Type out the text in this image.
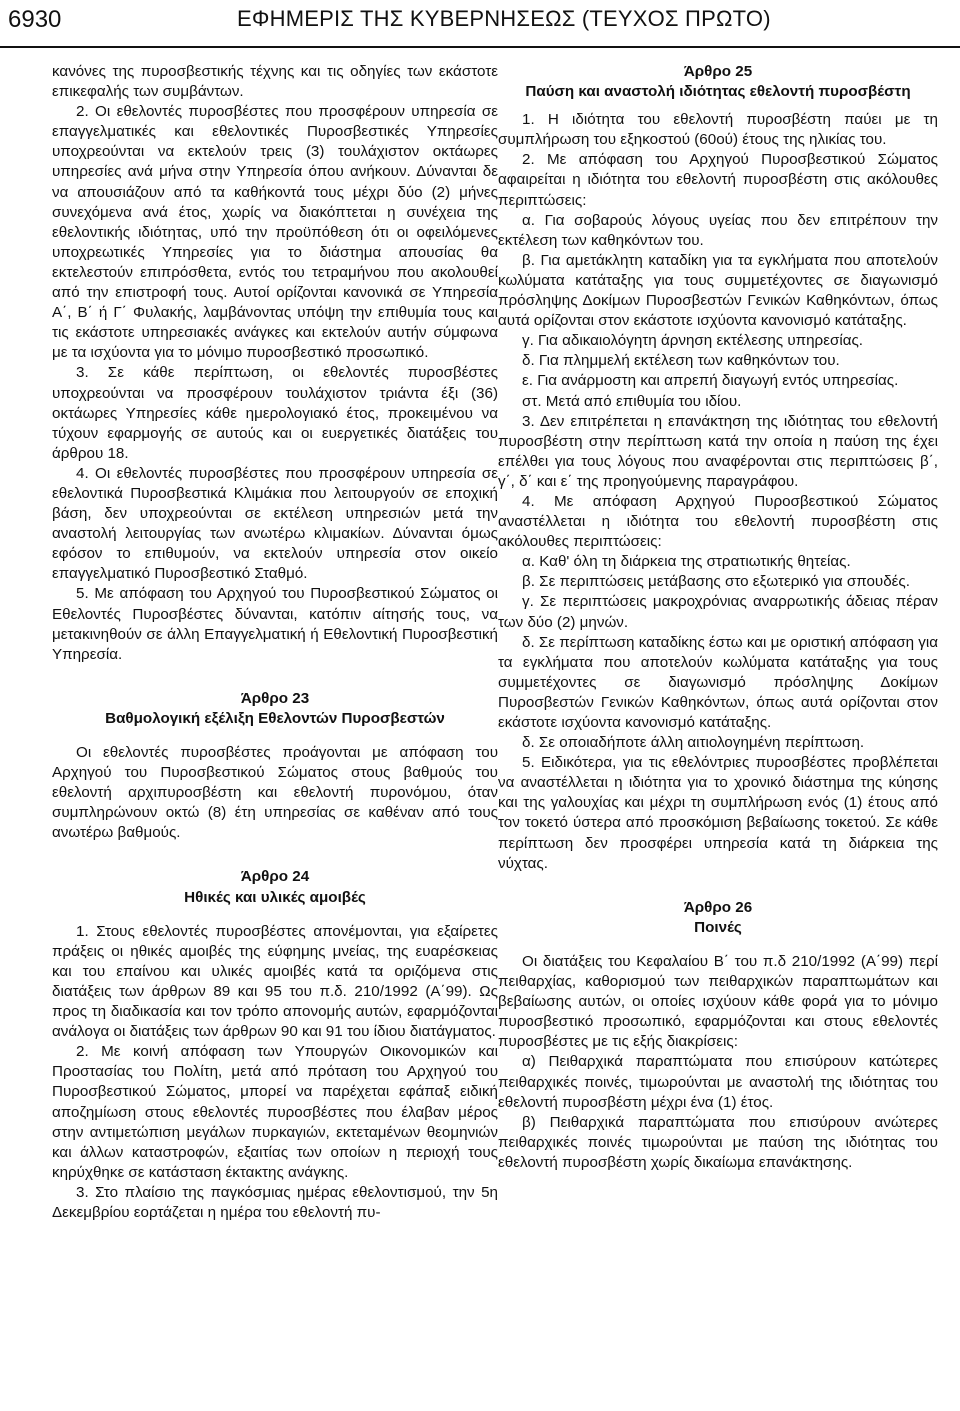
6930	ΕΦΗΜΕΡΙΣ ΤΗΣ ΚΥΒΕΡΝΗΣΕΩΣ (ΤΕΥΧΟΣ ΠΡΩΤΟ)

κανόνες της πυροσβεστικής τέχνης και τις οδηγίες των εκάστοτε επικεφαλής των συμβάντων.

2. Οι εθελοντές πυροσβέστες που προσφέρουν υπηρεσία σε επαγγελματικές και εθελοντικές Πυροσβεστικές Υπηρεσίες υποχρεούνται να εκτελούν τρεις (3) τουλάχιστον οκτάωρες υπηρεσίες ανά μήνα στην Υπηρεσία όπου ανήκουν. Δύνανται δε να απουσιάζουν από τα καθήκοντά τους μέχρι δύο (2) μήνες συνεχόμενα ανά έτος, χωρίς να διακόπτεται η συνέχεια της εθελοντικής ιδιότητας, υπό την προϋπόθεση ότι οι οφειλόμενες υποχρεωτικές Υπηρεσίες για το διάστημα απουσίας θα εκτελεστούν επιπρόσθετα, εντός του τετραμήνου που ακολουθεί από την επιστροφή τους. Αυτοί ορίζονται κανονικά σε Υπηρεσία Α΄, Β΄ ή Γ΄ Φυλακής, λαμβάνοντας υπόψη την επιθυμία τους και τις εκάστοτε υπηρεσιακές ανάγκες και εκτελούν αυτήν σύμφωνα με τα ισχύοντα για το μόνιμο πυροσβεστικό προσωπικό.

3. Σε κάθε περίπτωση, οι εθελοντές πυροσβέστες υποχρεούνται να προσφέρουν τουλάχιστον τριάντα έξι (36) οκτάωρες Υπηρεσίες κάθε ημερολογιακό έτος, προκειμένου να τύχουν εφαρμογής σε αυτούς και οι ευεργετικές διατάξεις του άρθρου 18.

4. Οι εθελοντές πυροσβέστες που προσφέρουν υπηρεσία σε εθελοντικά Πυροσβεστικά Κλιμάκια που λειτουργούν σε εποχική βάση, δεν υποχρεούνται σε εκτέλεση υπηρεσιών μετά την αναστολή λειτουργίας των ανωτέρω κλιμακίων. Δύνανται όμως εφόσον το επιθυμούν, να εκτελούν υπηρεσία στον οικείο επαγγελματικό Πυροσβεστικό Σταθμό.

5. Με απόφαση του Αρχηγού του Πυροσβεστικού Σώματος οι Εθελοντές Πυροσβέστες δύνανται, κατόπιν αίτησής τους, να μετακινηθούν σε άλλη Επαγγελματική ή Εθελοντική Πυροσβεστική Υπηρεσία.

Άρθρο 23

Βαθμολογική εξέλιξη Εθελοντών Πυροσβεστών

Οι εθελοντές πυροσβέστες προάγονται με απόφαση του Αρχηγού του Πυροσβεστικού Σώματος στους βαθμούς του εθελοντή αρχιπυροσβέστη και εθελοντή πυρονόμου, όταν συμπληρώνουν οκτώ (8) έτη υπηρεσίας σε καθέναν από τους ανωτέρω βαθμούς.

Άρθρο 24

Ηθικές και υλικές αμοιβές

1. Στους εθελοντές πυροσβέστες απονέμονται, για εξαίρετες πράξεις οι ηθικές αμοιβές της εύφημης μνείας, της ευαρέσκειας και του επαίνου και υλικές αμοιβές κατά τα οριζόμενα στις διατάξεις των άρθρων 89 και 95 του π.δ. 210/1992 (Α΄99). Ως προς τη διαδικασία και τον τρόπο απονομής αυτών, εφαρμόζονται ανάλογα οι διατάξεις των άρθρων 90 και 91 του ίδιου διατάγματος.

2. Με κοινή απόφαση των Υπουργών Οικονομικών και Προστασίας του Πολίτη, μετά από πρόταση του Αρχηγού του Πυροσβεστικού Σώματος, μπορεί να παρέχεται εφάπαξ ειδική αποζημίωση στους εθελοντές πυροσβέστες που έλαβαν μέρος στην αντιμετώπιση μεγάλων πυρκαγιών, εκτεταμένων θεομηνιών και άλλων καταστροφών, εξαιτίας των οποίων η περιοχή τους κηρύχθηκε σε κατάσταση έκτακτης ανάγκης.

3. Στο πλαίσιο της παγκόσμιας ημέρας εθελοντισμού, την 5η Δεκεμβρίου εορτάζεται η ημέρα του εθελοντή πυ-

Άρθρο 25

Παύση και αναστολή ιδιότητας εθελοντή πυροσβέστη

1. Η ιδιότητα του εθελοντή πυροσβέστη παύει με τη συμπλήρωση του εξηκοστού (60ού) έτους της ηλικίας του.

2. Με απόφαση του Αρχηγού Πυροσβεστικού Σώματος αφαιρείται η ιδιότητα του εθελοντή πυροσβέστη στις ακόλουθες περιπτώσεις:

α. Για σοβαρούς λόγους υγείας που δεν επιτρέπουν την εκτέλεση των καθηκόντων του.

β. Για αμετάκλητη καταδίκη για τα εγκλήματα που αποτελούν κωλύματα κατάταξης για τους συμμετέχοντες σε διαγωνισμό πρόσληψης Δοκίμων Πυροσβεστών Γενικών Καθηκόντων, όπως αυτά ορίζονται στον εκάστοτε ισχύοντα κανονισμό κατάταξης.

γ. Για αδικαιολόγητη άρνηση εκτέλεσης υπηρεσίας.

δ. Για πλημμελή εκτέλεση των καθηκόντων του.

ε. Για ανάρμοστη και απρεπή διαγωγή εντός υπηρεσίας.

στ. Μετά από επιθυμία του ιδίου.

3. Δεν επιτρέπεται η επανάκτηση της ιδιότητας του εθελοντή πυροσβέστη στην περίπτωση κατά την οποία η παύση της έχει επέλθει για τους λόγους που αναφέρονται στις περιπτώσεις β΄, γ΄, δ΄ και ε΄ της προηγούμενης παραγράφου.

4. Με απόφαση Αρχηγού Πυροσβεστικού Σώματος αναστέλλεται η ιδιότητα του εθελοντή πυροσβέστη στις ακόλουθες περιπτώσεις:

α. Καθ' όλη τη διάρκεια της στρατιωτικής θητείας.

β. Σε περιπτώσεις μετάβασης στο εξωτερικό για σπουδές.

γ. Σε περιπτώσεις μακροχρόνιας αναρρωτικής άδειας πέραν των δύο (2) μηνών.

δ. Σε περίπτωση καταδίκης έστω και με οριστική απόφαση για τα εγκλήματα που αποτελούν κωλύματα κατάταξης για τους συμμετέχοντες σε διαγωνισμό πρόσληψης Δοκίμων Πυροσβεστών Γενικών Καθηκόντων, όπως αυτά ορίζονται στον εκάστοτε ισχύοντα κανονισμό κατάταξης.

δ. Σε οποιαδήποτε άλλη αιτιολογημένη περίπτωση.

5. Ειδικότερα, για τις εθελόντριες πυροσβέστες προβλέπεται να αναστέλλεται η ιδιότητα για το χρονικό διάστημα της κύησης και της γαλουχίας και μέχρι τη συμπλήρωση ενός (1) έτους από τον τοκετό ύστερα από προσκόμιση βεβαίωσης τοκετού. Σε κάθε περίπτωση δεν προσφέρει υπηρεσία κατά τη διάρκεια της νύχτας.

Άρθρο 26

Ποινές

Οι διατάξεις του Κεφαλαίου Β΄ του π.δ 210/1992 (Α΄99) περί πειθαρχίας, καθορισμού των πειθαρχικών παραπτωμάτων και βεβαίωσης αυτών, οι οποίες ισχύουν κάθε φορά για το μόνιμο πυροσβεστικό προσωπικό, εφαρμόζονται και στους εθελοντές πυροσβέστες με τις εξής διακρίσεις:

α) Πειθαρχικά παραπτώματα που επισύρουν κατώτερες πειθαρχικές ποινές, τιμωρούνται με αναστολή της ιδιότητας του εθελοντή πυροσβέστη μέχρι ένα (1) έτος.

β) Πειθαρχικά παραπτώματα που επισύρουν ανώτερες πειθαρχικές ποινές τιμωρούνται με παύση της ιδιότητας του εθελοντή πυροσβέστη χωρίς δικαίωμα επανάκτησης.
